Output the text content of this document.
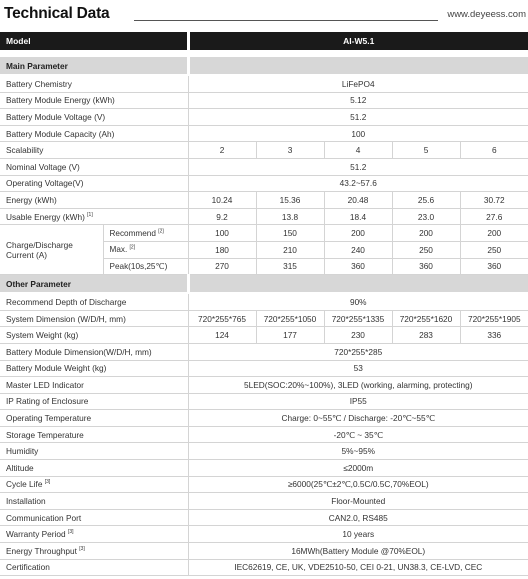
Technical Data	www.deyeess.com
Model		AI-W5.1				

Main Parameter						
Battery Chemistry		LiFePO4				
Battery Module Energy (kWh)		5.12				
Battery Module Voltage (V)		51.2				
Battery Module Capacity (Ah)		100				
Scalability		2	3	4	5	6
Nominal Voltage (V)		51.2				
Operating Voltage(V)		43.2~57.6				
Energy (kWh)		10.24	15.36	20.48	25.6	30.72
Usable Energy (kWh) [1]		9.2	13.8	18.4	23.0	27.6
Charge/Discharge
Current (A)	Recommend [2]	100	150	200	200	200
	Max. [2]	180	210	240	250	250
	Peak(10s,25℃)	270	315	360	360	360
Other Parameter						
Recommend Depth of Discharge		90%				
System Dimension (W/D/H, mm)		720*255*765	720*255*1050	720*255*1335	720*255*1620	720*255*1905
System Weight (kg)		124	177	230	283	336
Battery Module Dimension(W/D/H, mm)		720*255*285				
Battery Module Weight (kg)		53				
Master LED Indicator		5LED(SOC:20%~100%), 3LED (working, alarming, protecting)				
IP Rating of Enclosure		IP55				
Operating Temperature		Charge: 0~55℃ / Discharge: -20℃~55℃				
Storage Temperature		-20℃ ~ 35℃				
Humidity		5%~95%				
Altitude		≤2000m				
Cycle Life [3]		≥6000(25℃±2℃,0.5C/0.5C,70%EOL)				
Installation		Floor-Mounted				
Communication Port		CAN2.0, RS485				
Warranty Period [3]		10 years				
Energy Throughput [3]		16MWh(Battery Module @70%EOL)				
Certification		IEC62619, CE, UK, VDE2510-50, CEI 0-21, UN38.3, CE-LVD, CEC				
